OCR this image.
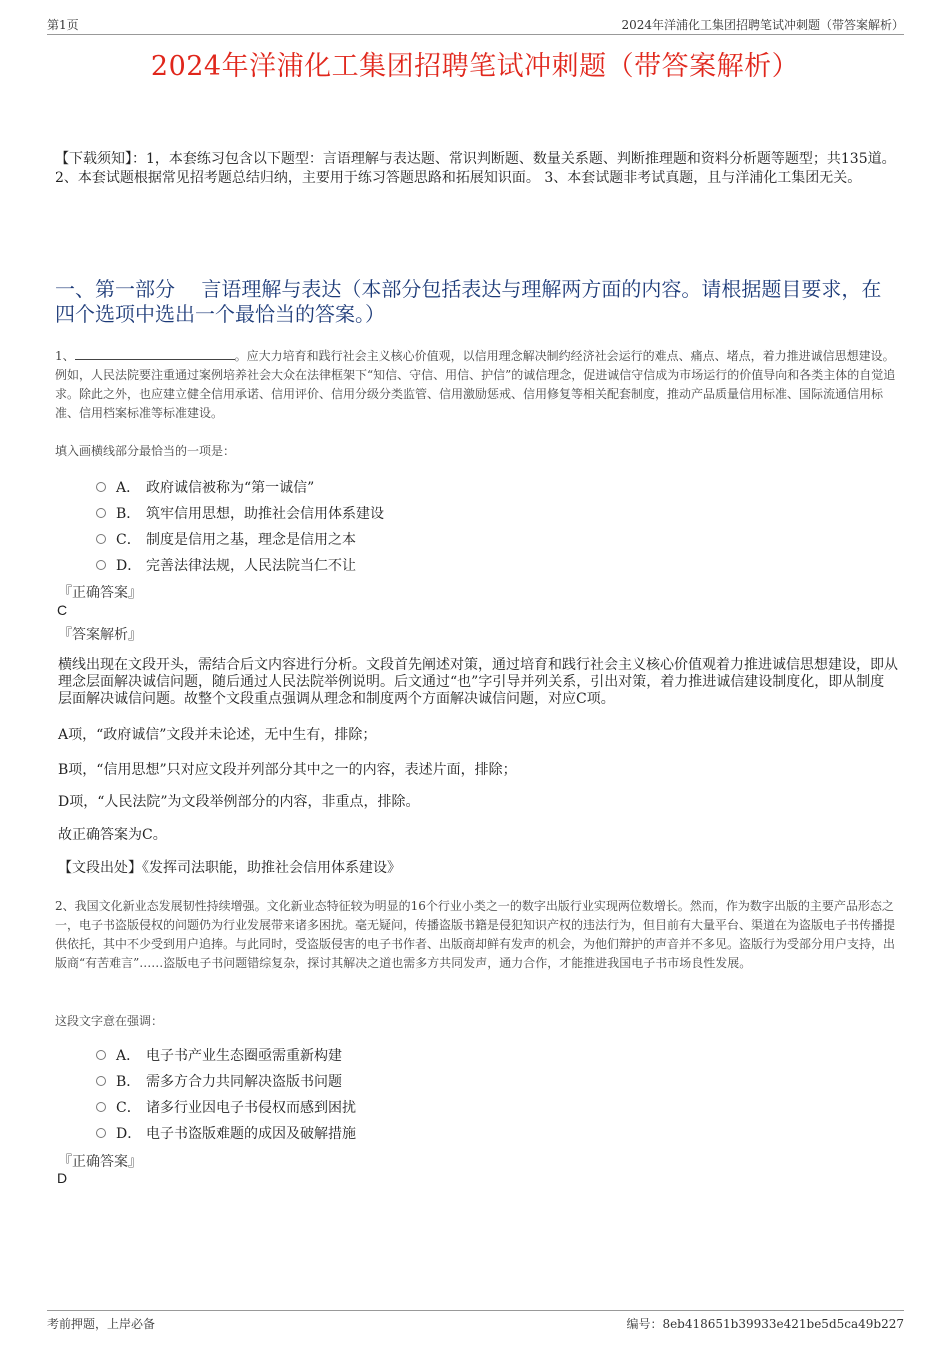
第1页	2024年洋浦化工集团招聘笔试冲刺题（带答案解析）
2024年洋浦化工集团招聘笔试冲刺题（带答案解析）
【下载须知】：1，本套练习包含以下题型：言语理解与表达题、常识判断题、数量关系题、判断推理题和资料分析题等题型；共135道。 2、本套试题根据常见招考题总结归纳，主要用于练习答题思路和拓展知识面。 3、本套试题非考试真题，且与洋浦化工集团无关。
一、第一部分　 言语理解与表达（本部分包括表达与理解两方面的内容。请根据题目要求，在四个选项中选出一个最恰当的答案。）
1、	。应大力培育和践行社会主义核心价值观，以信用理念解决制约经济社会运行的难点、痛点、堵点，着力推进诚信思想建设。例如，人民法院要注重通过案例培养社会大众在法律框架下“知信、守信、用信、护信”的诚信理念，促进诚信守信成为市场运行的价值导向和各类主体的自觉追求。除此之外，也应建立健全信用承诺、信用评价、信用分级分类监管、信用激励惩戒、信用修复等相关配套制度，推动产品质量信用标准、国际流通信用标准、信用档案标准等标准建设。
填入画横线部分最恰当的一项是：
A． 政府诚信被称为“第一诚信”
B． 筑牢信用思想，助推社会信用体系建设
C． 制度是信用之基，理念是信用之本
D． 完善法律法规，人民法院当仁不让
『正确答案』
C
『答案解析』
横线出现在文段开头，需结合后文内容进行分析。文段首先阐述对策，通过培育和践行社会主义核心价值观着力推进诚信思想建设，即从理念层面解决诚信问题，随后通过人民法院举例说明。后文通过“也”字引导并列关系，引出对策，着力推进诚信建设制度化，即从制度层面解决诚信问题。故整个文段重点强调从理念和制度两个方面解决诚信问题，对应C项。
A项，“政府诚信”文段并未论述，无中生有，排除；
B项，“信用思想”只对应文段并列部分其中之一的内容，表述片面，排除；
D项，“人民法院”为文段举例部分的内容，非重点，排除。
故正确答案为C。
【文段出处】《发挥司法职能，助推社会信用体系建设》
2、我国文化新业态发展韧性持续增强。文化新业态特征较为明显的16个行业小类之一的数字出版行业实现两位数增长。然而，作为数字出版的主要产品形态之一，电子书盗版侵权的问题仍为行业发展带来诸多困扰。毫无疑问，传播盗版书籍是侵犯知识产权的违法行为，但目前有大量平台、渠道在为盗版电子书传播提供依托，其中不少受到用户追捧。与此同时，受盗版侵害的电子书作者、出版商却鲜有发声的机会，为他们辩护的声音并不多见。盗版行为受部分用户支持，出版商“有苦难言”……盗版电子书问题错综复杂，探讨其解决之道也需多方共同发声，通力合作，才能推进我国电子书市场良性发展。
这段文字意在强调：
A． 电子书产业生态圈亟需重新构建
B． 需多方合力共同解决盗版书问题
C． 诸多行业因电子书侵权而感到困扰
D． 电子书盗版难题的成因及破解措施
『正确答案』
D
考前押题，上岸必备	编号：8eb418651b39933e421be5d5ca49b227
